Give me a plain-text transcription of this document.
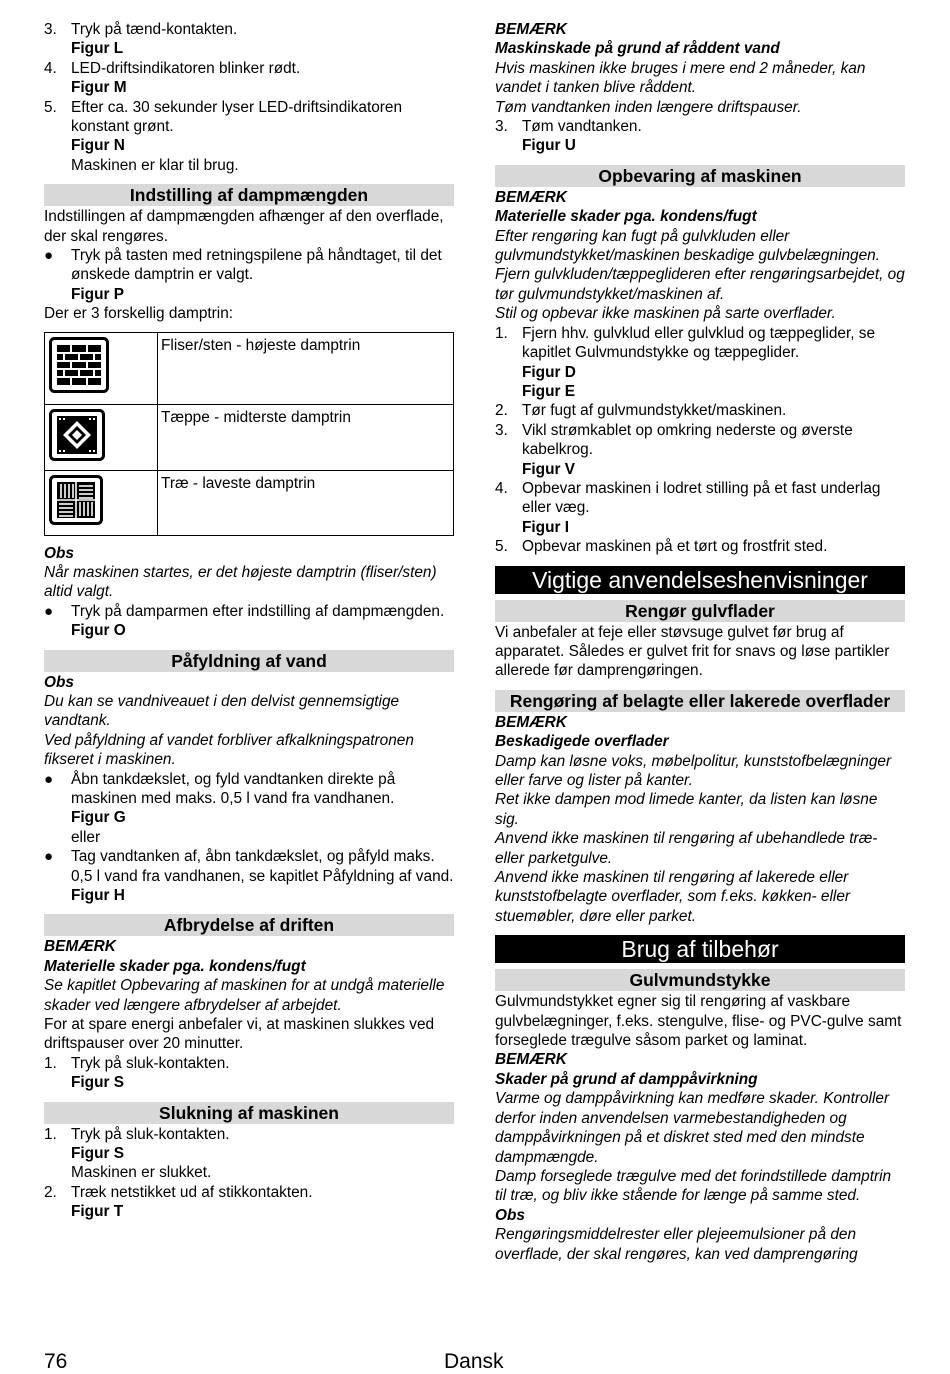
3. Tryk på tænd-kontakten.

Figur L

4. LED-driftsindikatoren blinker rødt.

Figur M

5. Efter ca. 30 sekunder lyser LED-driftsindikatoren konstant grønt.

Figur N

Maskinen er klar til brug.

Indstilling af dampmængden

Indstillingen af dampmængden afhænger af den overflade, der skal rengøres.

● Tryk på tasten med retningspilene på håndtaget, til det ønskede damptrin er valgt.

Figur P

Der er 3 forskellig damptrin:

	Fliser/sten - højeste damptrin
	Tæppe - midterste damptrin
	Træ - laveste damptrin

Obs

Når maskinen startes, er det højeste damptrin (fliser/sten) altid valgt.

● Tryk på damparmen efter indstilling af dampmængden.

Figur O

Påfyldning af vand

Obs

Du kan se vandniveauet i den delvist gennemsigtige vandtank.

Ved påfyldning af vandet forbliver afkalkningspatronen fikseret i maskinen.

● Åbn tankdækslet, og fyld vandtanken direkte på maskinen med maks. 0,5 l vand fra vandhanen.

Figur G

eller

● Tag vandtanken af, åbn tankdækslet, og påfyld maks. 0,5 l vand fra vandhanen, se kapitlet Påfyldning af vand.

Figur H

Afbrydelse af driften

BEMÆRK

Materielle skader pga. kondens/fugt

Se kapitlet Opbevaring af maskinen for at undgå materielle skader ved længere afbrydelser af arbejdet.

For at spare energi anbefaler vi, at maskinen slukkes ved driftspauser over 20 minutter.

1. Tryk på sluk-kontakten.

Figur S

Slukning af maskinen
1. Tryk på sluk-kontakten.

Figur S

Maskinen er slukket.

2. Træk netstikket ud af stikkontakten.

Figur T

BEMÆRK

Maskinskade på grund af råddent vand

Hvis maskinen ikke bruges i mere end 2 måneder, kan vandet i tanken blive råddent.

Tøm vandtanken inden længere driftspauser.

3. Tøm vandtanken.

Figur U

Opbevaring af maskinen

BEMÆRK

Materielle skader pga. kondens/fugt

Efter rengøring kan fugt på gulvkluden eller gulvmundstykket/maskinen beskadige gulvbelægningen.

Fjern gulvkluden/tæppeglideren efter rengøringsarbejdet, og tør gulvmundstykket/maskinen af.

Stil og opbevar ikke maskinen på sarte overflader.

1. Fjern hhv. gulvklud eller gulvklud og tæppeglider, se kapitlet Gulvmundstykke og tæppeglider.

Figur D

Figur E

2. Tør fugt af gulvmundstykket/maskinen.

3. Vikl strømkablet op omkring nederste og øverste kabelkrog.

Figur V

4. Opbevar maskinen i lodret stilling på et fast underlag eller væg.

Figur I

5. Opbevar maskinen på et tørt og frostfrit sted.

Vigtige anvendelseshenvisninger
Rengør gulvflader

Vi anbefaler at feje eller støvsuge gulvet før brug af apparatet. Således er gulvet frit for snavs og løse partikler allerede før damprengøringen.

Rengøring af belagte eller lakerede overflader

BEMÆRK

Beskadigede overflader

Damp kan løsne voks, møbelpolitur, kunststofbelægninger eller farve og lister på kanter.

Ret ikke dampen mod limede kanter, da listen kan løsne sig.

Anvend ikke maskinen til rengøring af ubehandlede træ- eller parketgulve.

Anvend ikke maskinen til rengøring af lakerede eller kunststofbelagte overflader, som f.eks. køkken- eller stuemøbler, døre eller parket.

Brug af tilbehør
Gulvmundstykke

Gulvmundstykket egner sig til rengøring af vaskbare gulvbelægninger, f.eks. stengulve, flise- og PVC-gulve samt forseglede trægulve såsom parket og laminat.

BEMÆRK

Skader på grund af damppåvirkning

Varme og damppåvirkning kan medføre skader. Kontroller derfor inden anvendelsen varmebestandigheden og damppåvirkningen på et diskret sted med den mindste dampmængde.

Damp forseglede trægulve med det forindstillede damptrin til træ, og bliv ikke stående for længe på samme sted.

Obs

Rengøringsmiddelrester eller plejeemulsioner på den overflade, der skal rengøres, kan ved damprengøring

76	Dansk
